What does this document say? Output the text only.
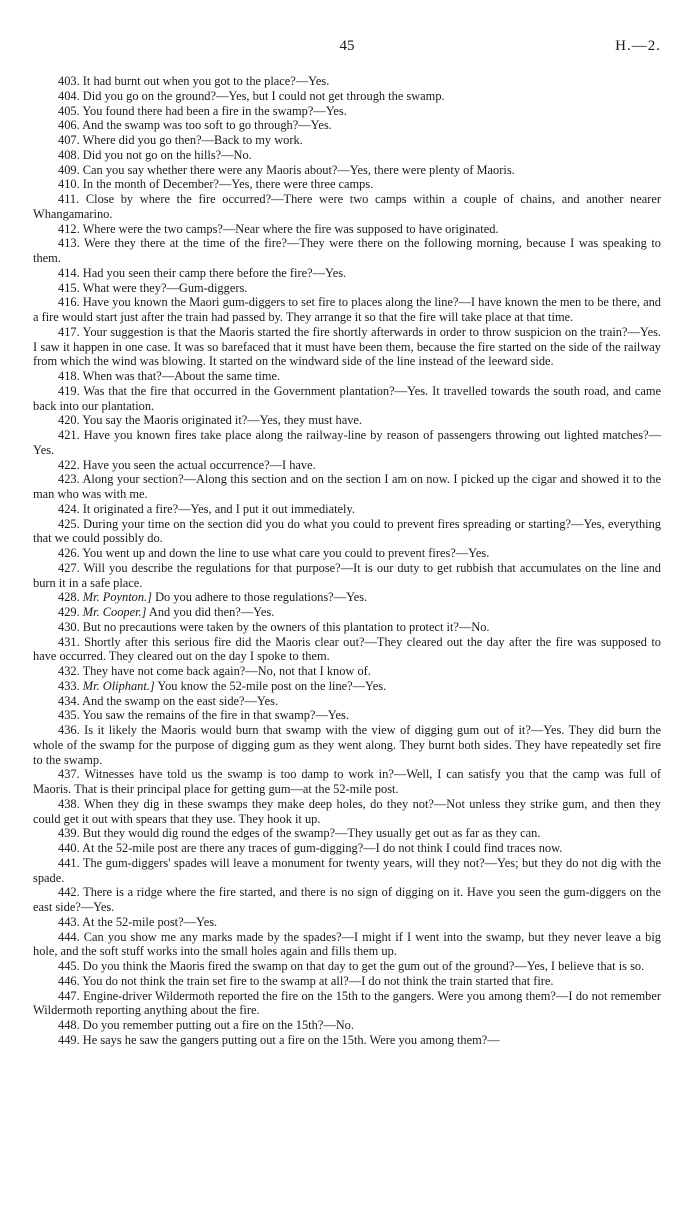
45	H.—2.

403. It had burnt out when you got to the place?—Yes.

404. Did you go on the ground?—Yes, but I could not get through the swamp.

405. You found there had been a fire in the swamp?—Yes.

406. And the swamp was too soft to go through?—Yes.

407. Where did you go then?—Back to my work.

408. Did you not go on the hills?—No.

409. Can you say whether there were any Maoris about?—Yes, there were plenty of Maoris.

410. In the month of December?—Yes, there were three camps.

411. Close by where the fire occurred?—There were two camps within a couple of chains, and another nearer Whangamarino.

412. Where were the two camps?—Near where the fire was supposed to have originated.

413. Were they there at the time of the fire?—They were there on the following morning, because I was speaking to them.

414. Had you seen their camp there before the fire?—Yes.

415. What were they?—Gum-diggers.

416. Have you known the Maori gum-diggers to set fire to places along the line?—I have known the men to be there, and a fire would start just after the train had passed by. They arrange it so that the fire will take place at that time.

417. Your suggestion is that the Maoris started the fire shortly afterwards in order to throw suspicion on the train?—Yes. I saw it happen in one case. It was so barefaced that it must have been them, because the fire started on the side of the railway from which the wind was blowing. It started on the windward side of the line instead of the leeward side.

418. When was that?—About the same time.

419. Was that the fire that occurred in the Government plantation?—Yes. It travelled towards the south road, and came back into our plantation.

420. You say the Maoris originated it?—Yes, they must have.

421. Have you known fires take place along the railway-line by reason of passengers throwing out lighted matches?—Yes.

422. Have you seen the actual occurrence?—I have.

423. Along your section?—Along this section and on the section I am on now. I picked up the cigar and showed it to the man who was with me.

424. It originated a fire?—Yes, and I put it out immediately.

425. During your time on the section did you do what you could to prevent fires spreading or starting?—Yes, everything that we could possibly do.

426. You went up and down the line to use what care you could to prevent fires?—Yes.

427. Will you describe the regulations for that purpose?—It is our duty to get rubbish that accumulates on the line and burn it in a safe place.

428. Mr. Poynton.] Do you adhere to those regulations?—Yes.

429. Mr. Cooper.] And you did then?—Yes.

430. But no precautions were taken by the owners of this plantation to protect it?—No.

431. Shortly after this serious fire did the Maoris clear out?—They cleared out the day after the fire was supposed to have occurred. They cleared out on the day I spoke to them.

432. They have not come back again?—No, not that I know of.

433. Mr. Oliphant.] You know the 52-mile post on the line?—Yes.

434. And the swamp on the east side?—Yes.

435. You saw the remains of the fire in that swamp?—Yes.

436. Is it likely the Maoris would burn that swamp with the view of digging gum out of it?—Yes. They did burn the whole of the swamp for the purpose of digging gum as they went along. They burnt both sides. They have repeatedly set fire to the swamp.

437. Witnesses have told us the swamp is too damp to work in?—Well, I can satisfy you that the camp was full of Maoris. That is their principal place for getting gum—at the 52-mile post.

438. When they dig in these swamps they make deep holes, do they not?—Not unless they strike gum, and then they could get it out with spears that they use. They hook it up.

439. But they would dig round the edges of the swamp?—They usually get out as far as they can.

440. At the 52-mile post are there any traces of gum-digging?—I do not think I could find traces now.

441. The gum-diggers' spades will leave a monument for twenty years, will they not?—Yes; but they do not dig with the spade.

442. There is a ridge where the fire started, and there is no sign of digging on it. Have you seen the gum-diggers on the east side?—Yes.

443. At the 52-mile post?—Yes.

444. Can you show me any marks made by the spades?—I might if I went into the swamp, but they never leave a big hole, and the soft stuff works into the small holes again and fills them up.

445. Do you think the Maoris fired the swamp on that day to get the gum out of the ground?—Yes, I believe that is so.

446. You do not think the train set fire to the swamp at all?—I do not think the train started that fire.

447. Engine-driver Wildermoth reported the fire on the 15th to the gangers. Were you among them?—I do not remember Wildermoth reporting anything about the fire.

448. Do you remember putting out a fire on the 15th?—No.

449. He says he saw the gangers putting out a fire on the 15th. Were you among them?—
